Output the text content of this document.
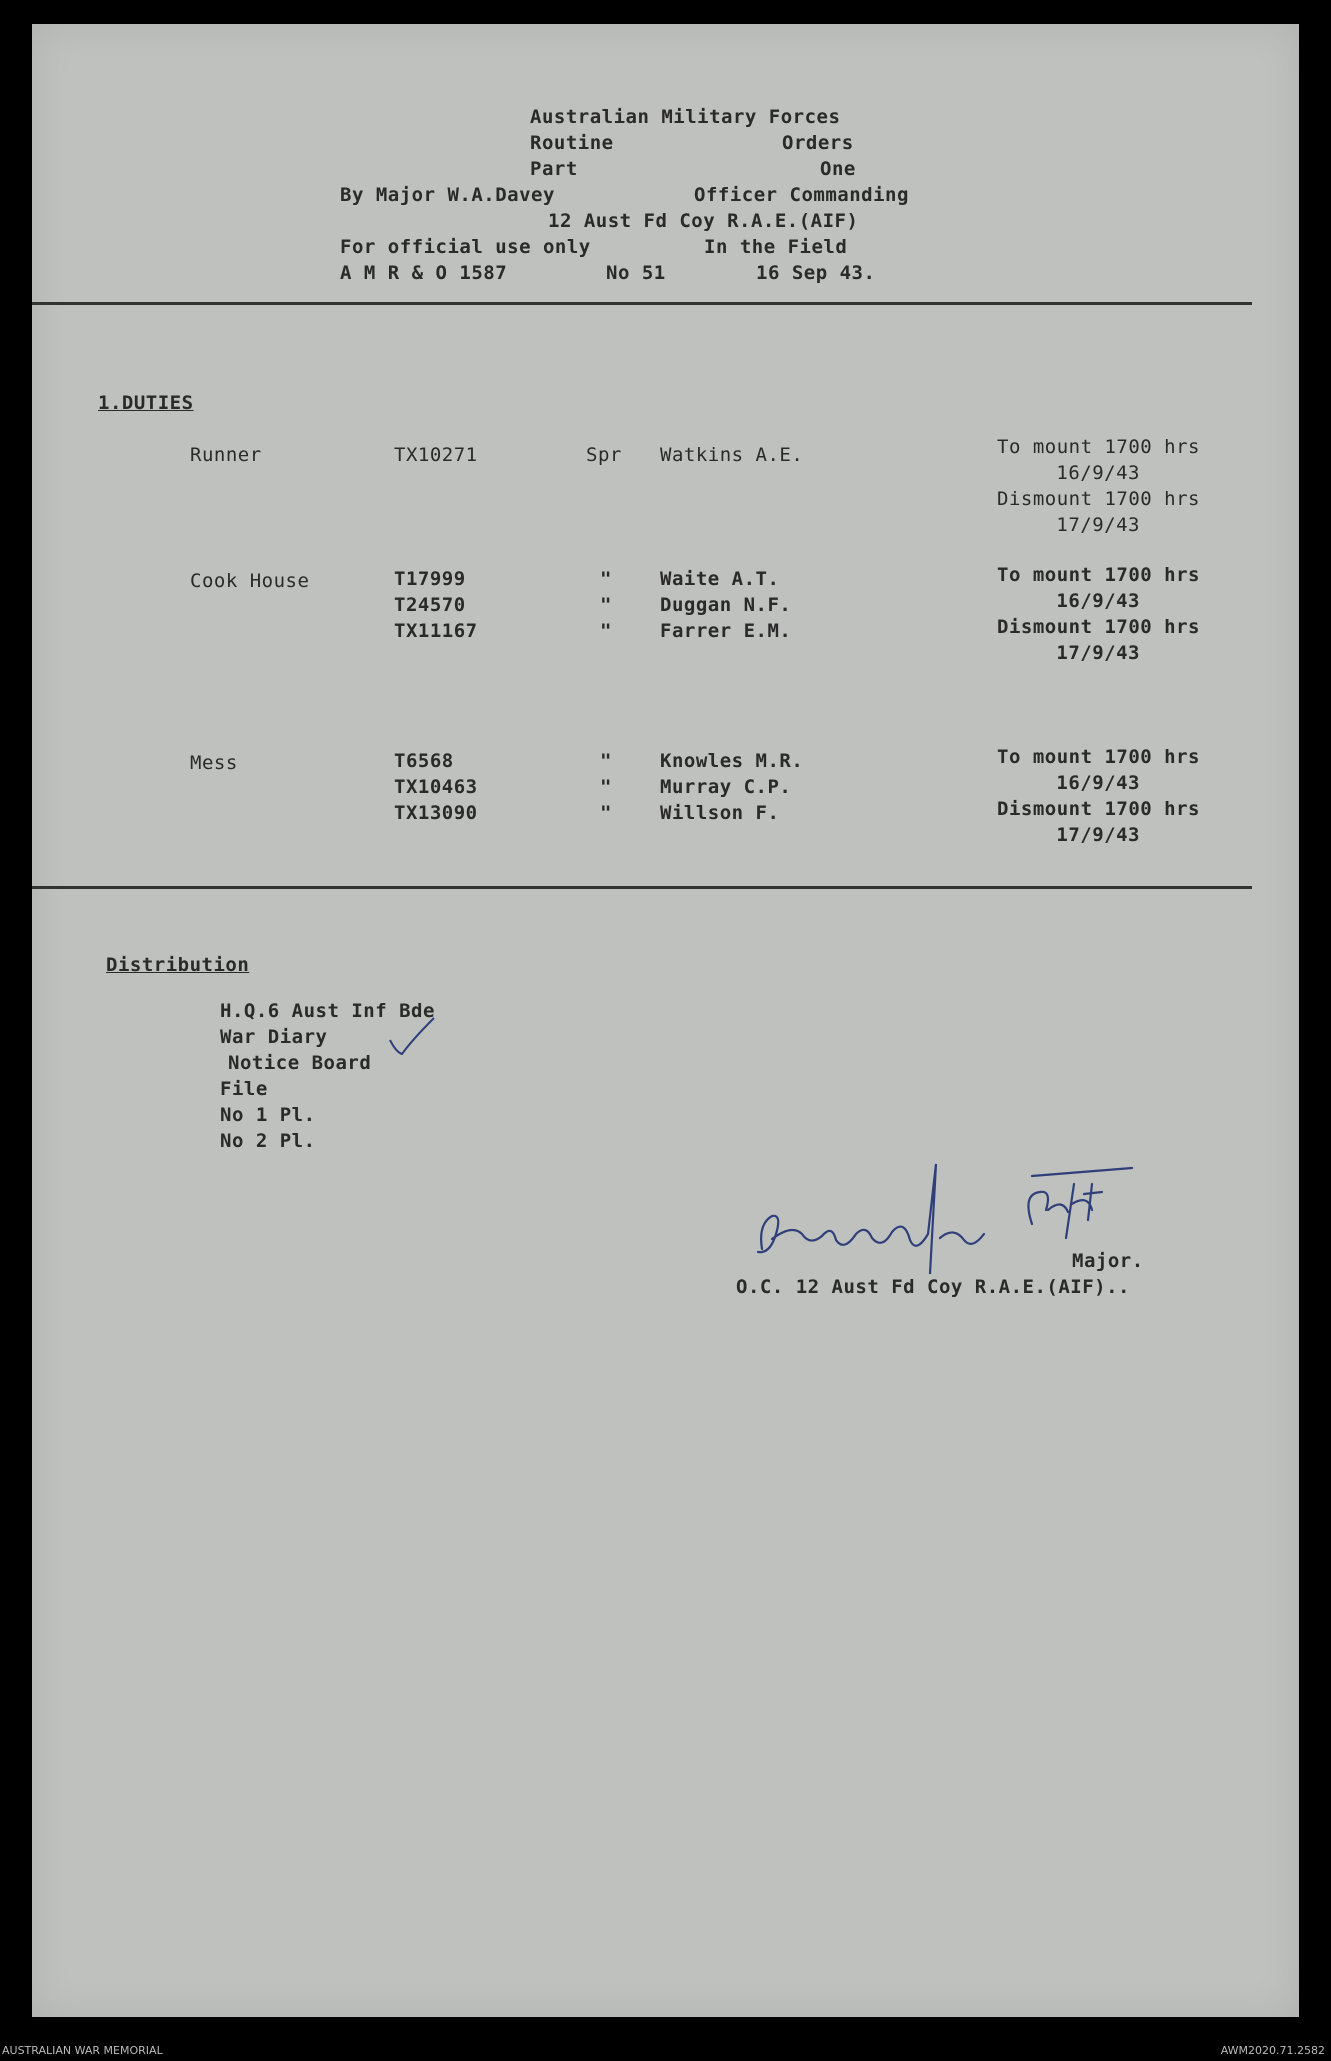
Australian Military Forces
Routine	Orders
Part	One
By Major W.A.Davey	Officer Commanding
12 Aust Fd Coy R.A.E.(AIF)
For official use only	In the Field
A M R & O 1587	No 51	16 Sep 43.
1.DUTIES
Runner	TX10271	Spr Watkins A.E.	To mount 1700 hrs
16/9/43
Dismount 1700 hrs
17/9/43
Cook House	T17999	"	Waite A.T.
T24570	"	Duggan N.F.
TX11167	"	Farrer E.M.
To mount 1700 hrs
16/9/43
Dismount 1700 hrs
17/9/43
Mess	T6568	"	Knowles M.R.
TX10463	"	Murray C.P.
TX13090	"	Willson F.
To mount 1700 hrs
16/9/43
Dismount 1700 hrs
17/9/43
Distribution
H.Q.6 Aust Inf Bde
War Diary
Notice Board
File
No 1 Pl.
No 2 Pl.
Major.
O.C. 12 Aust Fd Coy R.A.E.(AIF)..
AUSTRALIAN WAR MEMORIAL	AWM2020.71.2582
